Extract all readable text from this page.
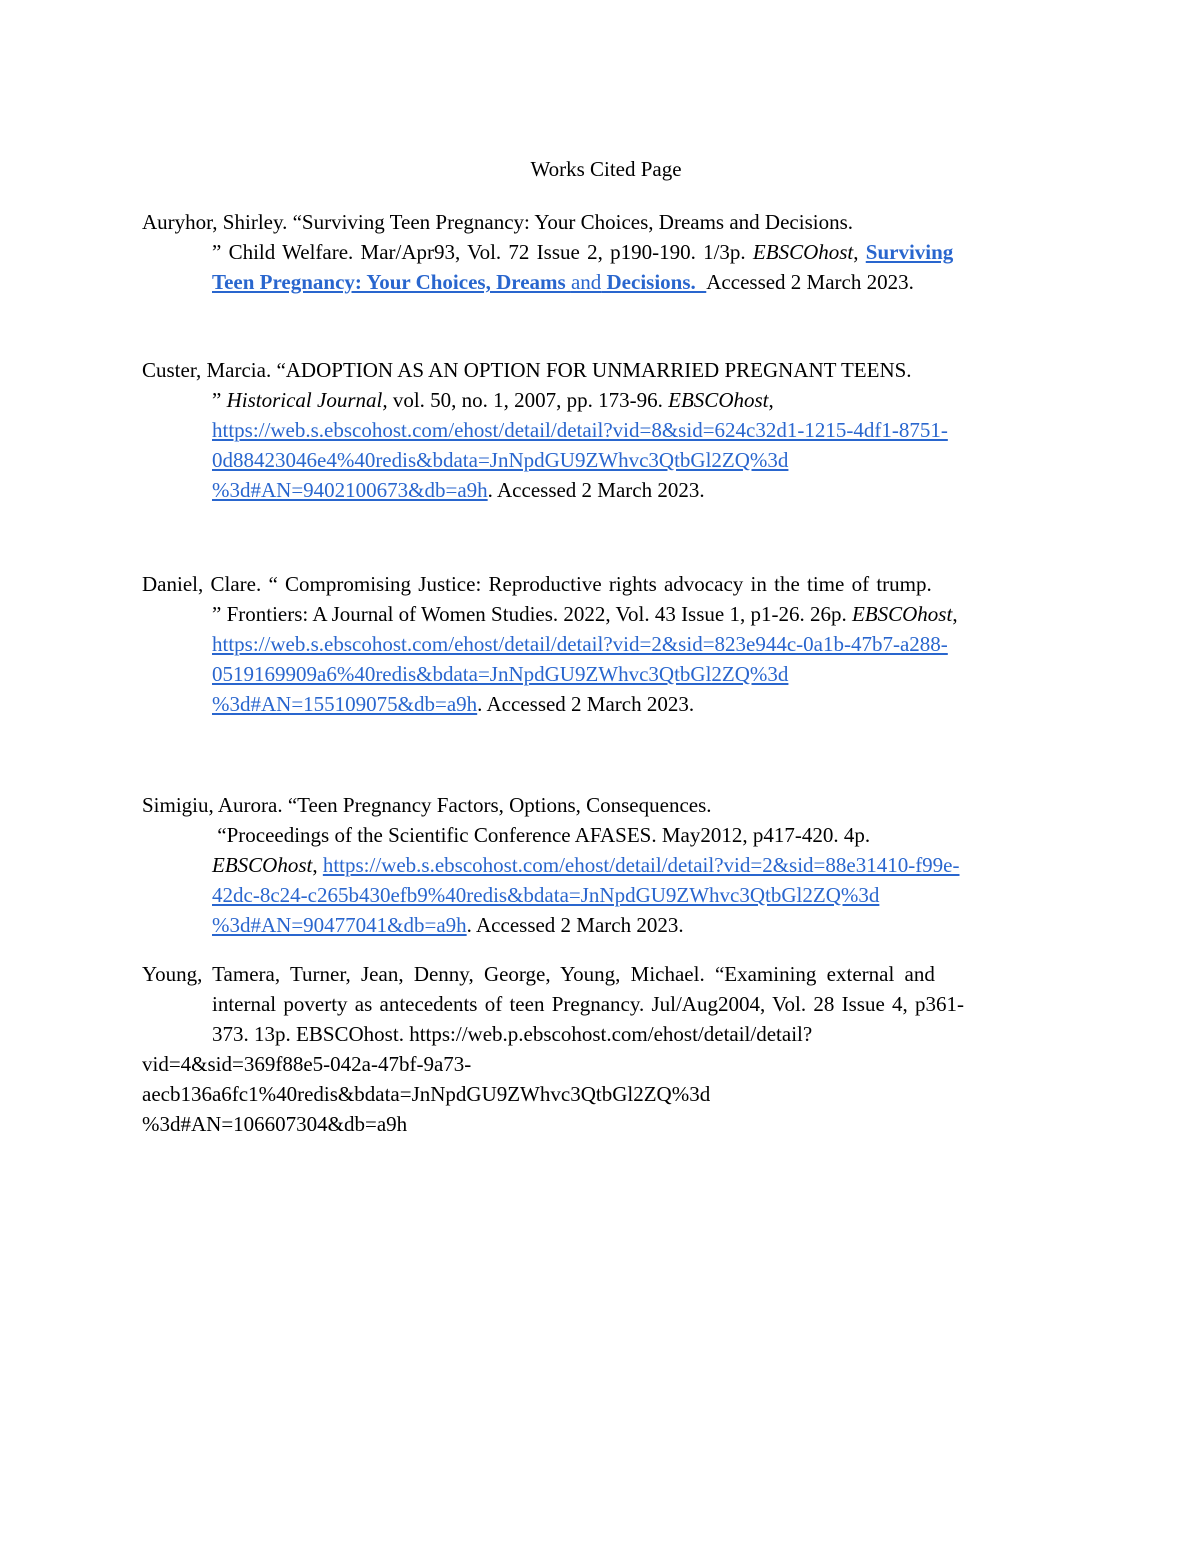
Works Cited Page
Auryhor, Shirley. “Surviving Teen Pregnancy: Your Choices, Dreams and Decisions.
” Child Welfare. Mar/Apr93, Vol. 72 Issue 2, p190-190. 1/3p. EBSCOhost, Surviving
Teen Pregnancy: Your Choices, Dreams and Decisions.  Accessed 2 March 2023.
Custer, Marcia. “ADOPTION AS AN OPTION FOR UNMARRIED PREGNANT TEENS.
” Historical Journal, vol. 50, no. 1, 2007, pp. 173-96. EBSCOhost,
https://web.s.ebscohost.com/ehost/detail/detail?vid=8&sid=624c32d1-1215-4df1-8751-
0d88423046e4%40redis&bdata=JnNpdGU9ZWhvc3QtbGl2ZQ%3d
%3d#AN=9402100673&db=a9h. Accessed 2 March 2023.
Daniel, Clare. “ Compromising Justice: Reproductive rights advocacy in the time of trump.
” Frontiers: A Journal of Women Studies. 2022, Vol. 43 Issue 1, p1-26. 26p. EBSCOhost,
https://web.s.ebscohost.com/ehost/detail/detail?vid=2&sid=823e944c-0a1b-47b7-a288-
0519169909a6%40redis&bdata=JnNpdGU9ZWhvc3QtbGl2ZQ%3d
%3d#AN=155109075&db=a9h. Accessed 2 March 2023.
Simigiu, Aurora. “Teen Pregnancy Factors, Options, Consequences.
“Proceedings of the Scientific Conference AFASES. May2012, p417-420. 4p.
EBSCOhost, https://web.s.ebscohost.com/ehost/detail/detail?vid=2&sid=88e31410-f99e-
42dc-8c24-c265b430efb9%40redis&bdata=JnNpdGU9ZWhvc3QtbGl2ZQ%3d
%3d#AN=90477041&db=a9h. Accessed 2 March 2023.
Young, Tamera, Turner, Jean, Denny, George, Young, Michael. “Examining external and
internal poverty as antecedents of teen Pregnancy. Jul/Aug2004, Vol. 28 Issue 4, p361-
373. 13p. EBSCOhost. https://web.p.ebscohost.com/ehost/detail/detail?
vid=4&sid=369f88e5-042a-47bf-9a73-
aecb136a6fc1%40redis&bdata=JnNpdGU9ZWhvc3QtbGl2ZQ%3d
%3d#AN=106607304&db=a9h
